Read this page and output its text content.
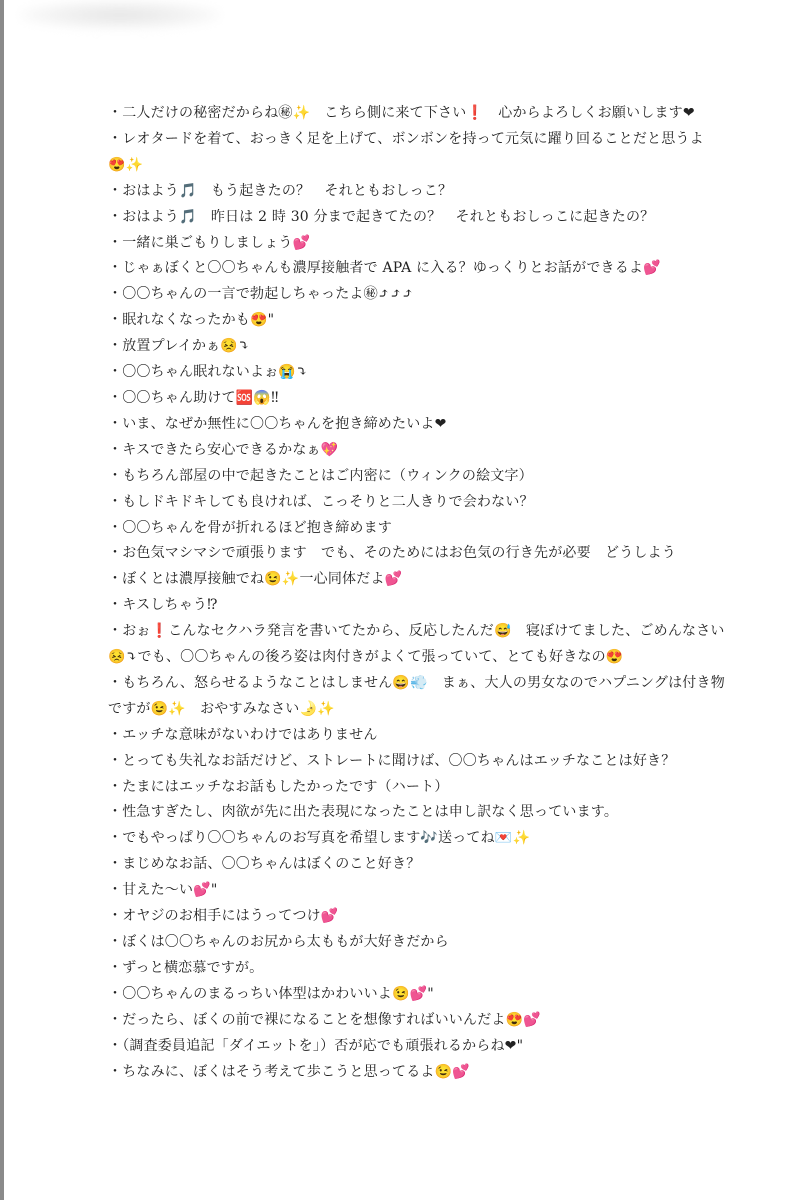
・二人だけの秘密だからね㊙✨　こちら側に来て下さい❗　心からよろしくお願いします❤
・レオタードを着て、おっきく足を上げて、ボンボンを持って元気に躍り回ることだと思うよ
😍✨
・おはよう🎵　もう起きたの？　それともおしっこ？
・おはよう🎵　昨日は 2 時 30 分まで起きてたの？　それともおしっこに起きたの？
・一緒に巣ごもりしましょう💕
・じゃぁぼくと〇〇ちゃんも濃厚接触者で APA に入る？ゆっくりとお話ができるよ💕
・〇〇ちゃんの一言で勃起しちゃったよ㊙⤴⤴⤴
・眠れなくなったかも😍"
・放置プレイかぁ😣⤵
・〇〇ちゃん眠れないよぉ😭⤵
・〇〇ちゃん助けて🆘😱‼
・いま、なぜか無性に〇〇ちゃんを抱き締めたいよ❤
・キスできたら安心できるかなぁ💖
・もちろん部屋の中で起きたことはご内密に（ウィンクの絵文字）
・もしドキドキしても良ければ、こっそりと二人きりで会わない？
・〇〇ちゃんを骨が折れるほど抱き締めます
・お色気マシマシで頑張ります　でも、そのためにはお色気の行き先が必要　どうしよう
・ぼくとは濃厚接触でね😉✨一心同体だよ💕
・キスしちゃう⁉
・おぉ❗こんなセクハラ発言を書いてたから、反応したんだ😅　寝ぼけてました、ごめんなさい
😣⤵でも、〇〇ちゃんの後ろ姿は肉付きがよくて張っていて、とても好きなの😍
・もちろん、怒らせるようなことはしません😄💨　まぁ、大人の男女なのでハプニングは付き物
ですが😉✨　おやすみなさい🌛✨
・エッチな意味がないわけではありません
・とっても失礼なお話だけど、ストレートに聞けば、〇〇ちゃんはエッチなことは好き？
・たまにはエッチなお話もしたかったです（ハート）
・性急すぎたし、肉欲が先に出た表現になったことは申し訳なく思っています。
・でもやっぱり〇〇ちゃんのお写真を希望します🎶送ってね💌✨
・まじめなお話、〇〇ちゃんはぼくのこと好き？
・甘えた〜い💕"
・オヤジのお相手にはうってつけ💕
・ぼくは〇〇ちゃんのお尻から太ももが大好きだから
・ずっと横恋慕ですが。
・〇〇ちゃんのまるっちい体型はかわいいよ😉💕"
・だったら、ぼくの前で裸になることを想像すればいいんだよ😍💕
・（調査委員追記「ダイエットを」）否が応でも頑張れるからね❤"
・ちなみに、ぼくはそう考えて歩こうと思ってるよ😉💕
